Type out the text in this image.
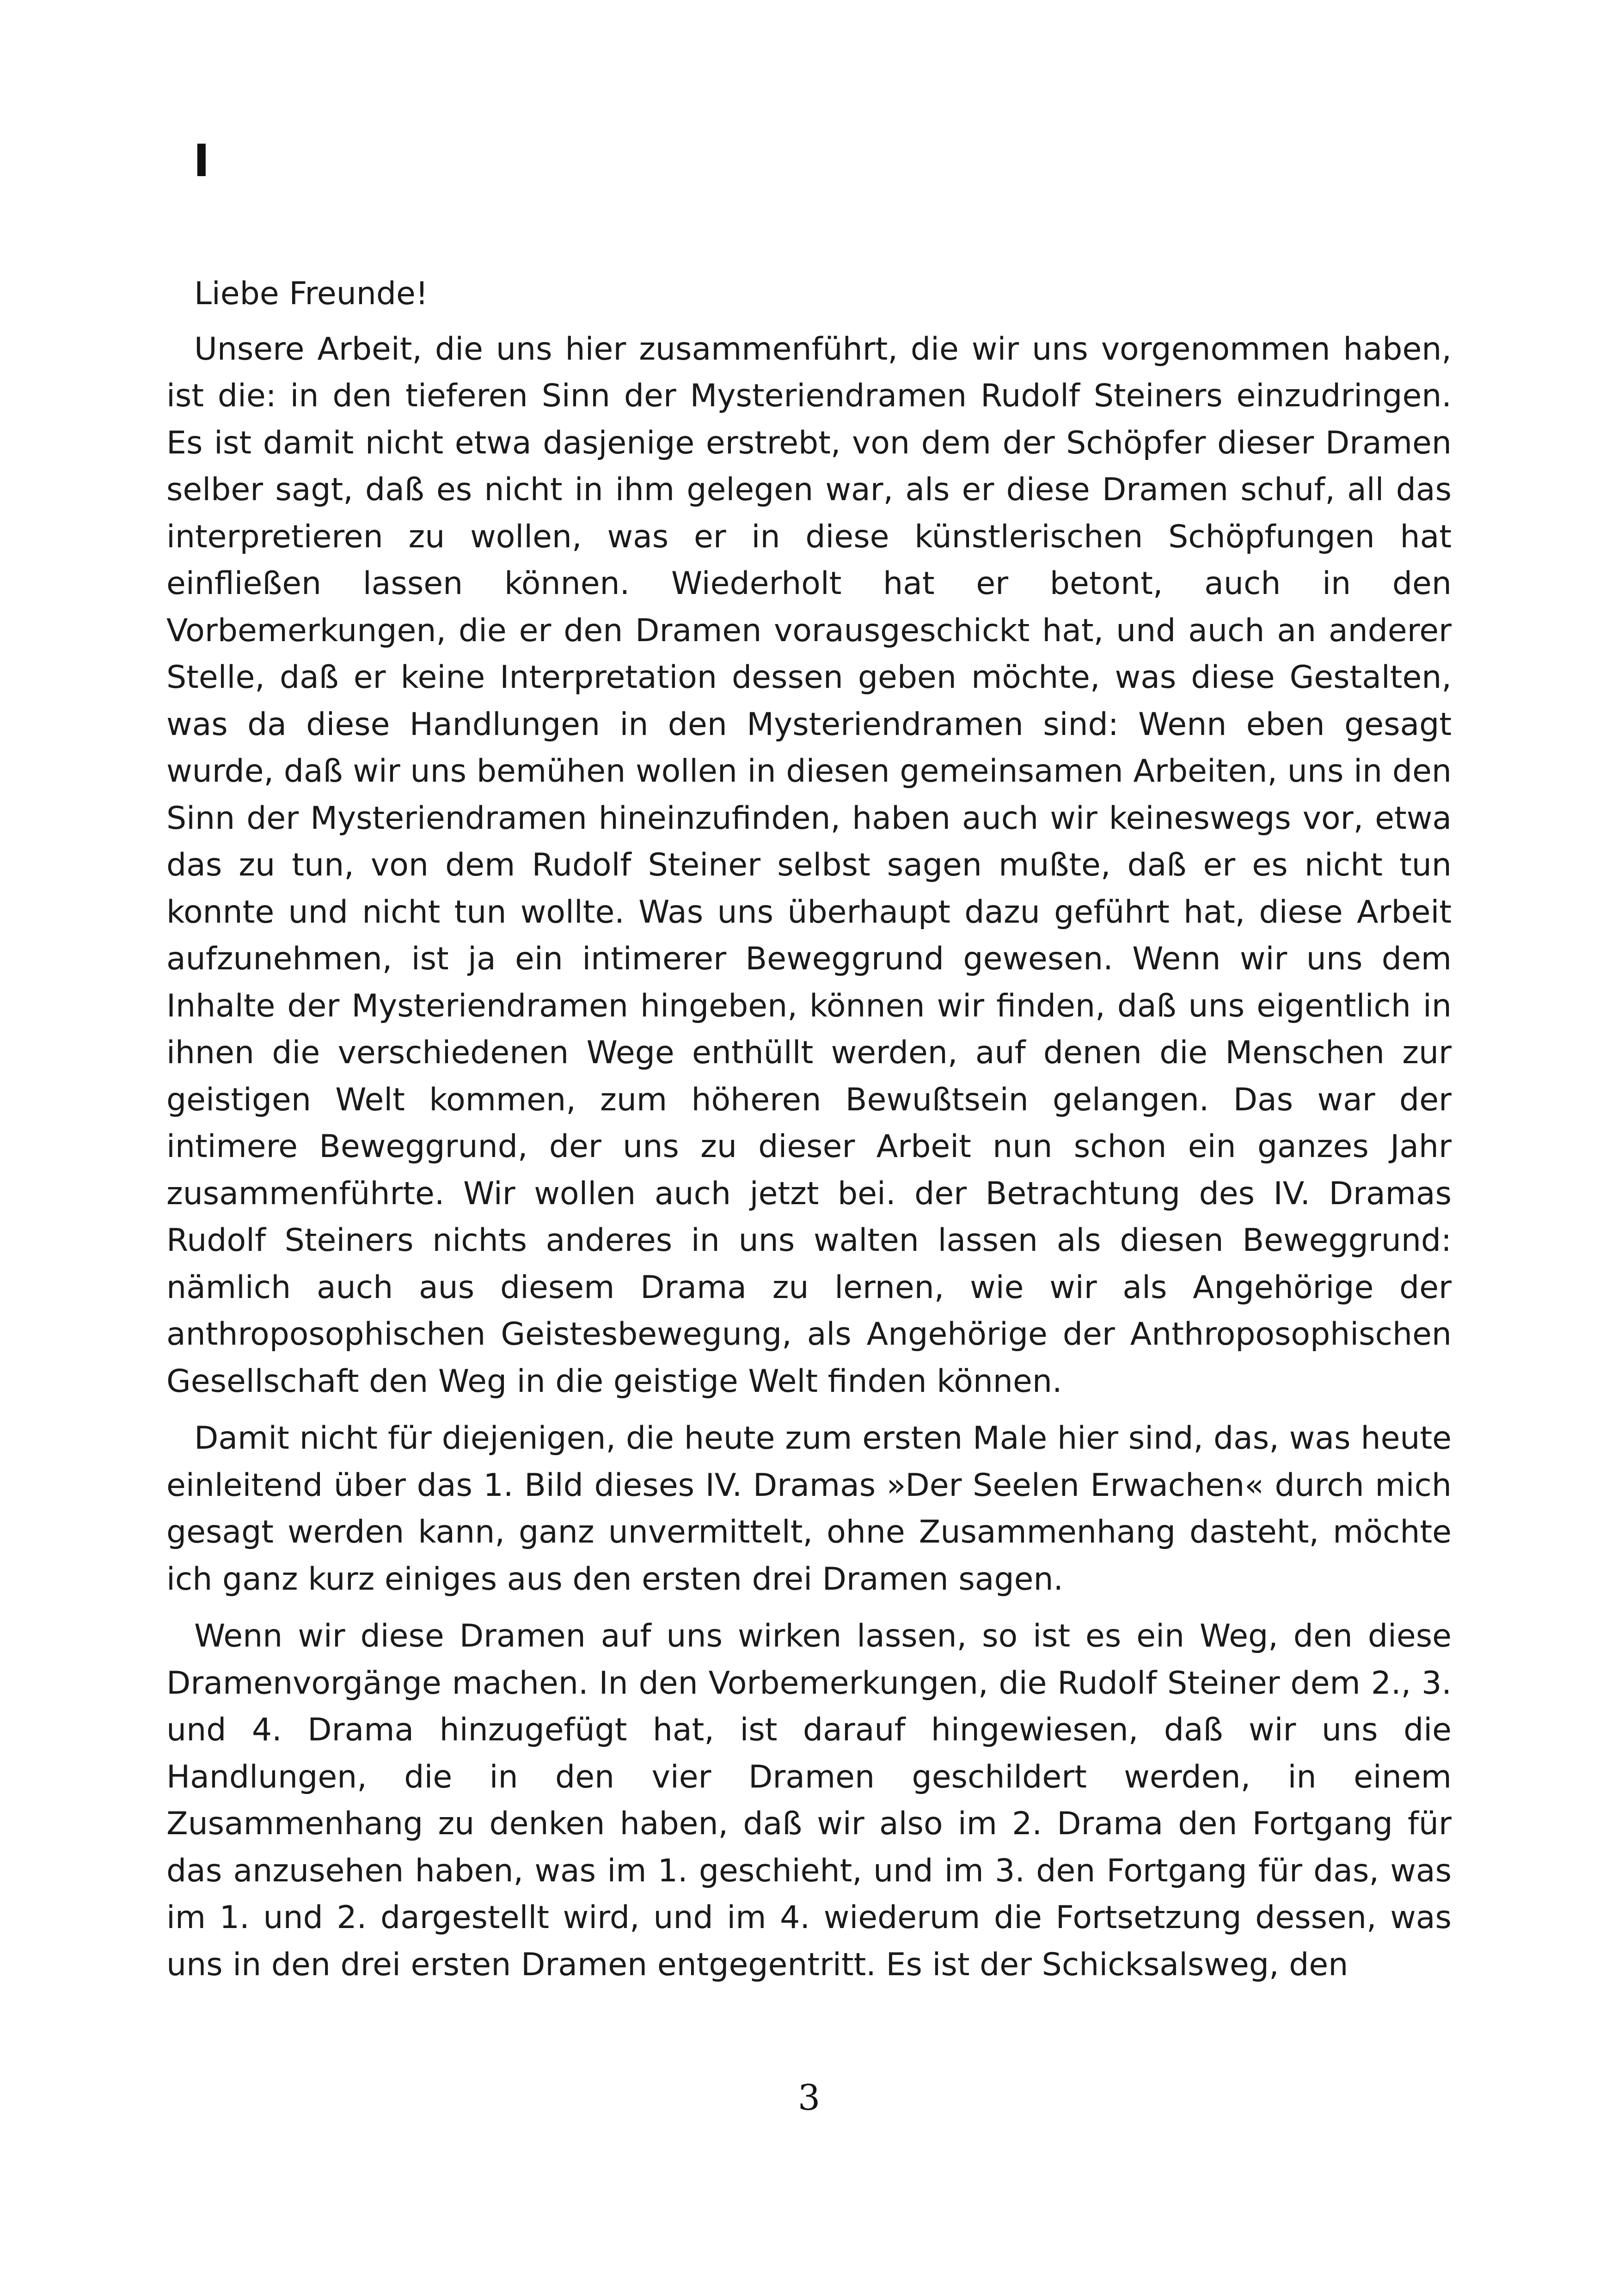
I

Liebe Freunde!

Unsere Arbeit, die uns hier zusammenführt, die wir uns vorgenommen haben, ist die: in den tieferen Sinn der Mysteriendramen Rudolf Steiners einzudringen. Es ist damit nicht etwa dasjenige erstrebt, von dem der Schöpfer dieser Dramen selber sagt, daß es nicht in ihm gelegen war, als er diese Dramen schuf, all das interpretieren zu wollen, was er in diese künstlerischen Schöpfungen hat einfließen lassen können. Wiederholt hat er betont, auch in den Vorbemerkungen, die er den Dramen vorausgeschickt hat, und auch an anderer Stelle, daß er keine Interpretation dessen geben möchte, was diese Gestalten, was da diese Handlungen in den Mysteriendramen sind: Wenn eben gesagt wurde, daß wir uns bemühen wollen in diesen gemeinsamen Arbeiten, uns in den Sinn der Mysteriendramen hineinzufinden, haben auch wir keineswegs vor, etwa das zu tun, von dem Rudolf Steiner selbst sagen mußte, daß er es nicht tun konnte und nicht tun wollte. Was uns überhaupt dazu geführt hat, diese Arbeit aufzunehmen, ist ja ein intimerer Beweggrund gewesen. Wenn wir uns dem Inhalte der Mysteriendramen hingeben, können wir finden, daß uns eigentlich in ihnen die verschiedenen Wege enthüllt werden, auf denen die Menschen zur geistigen Welt kommen, zum höheren Bewußtsein gelangen. Das war der intimere Beweggrund, der uns zu dieser Arbeit nun schon ein ganzes Jahr zusammenführte. Wir wollen auch jetzt bei. der Betrachtung des IV. Dramas Rudolf Steiners nichts anderes in uns walten lassen als diesen Beweggrund: nämlich auch aus diesem Drama zu lernen, wie wir als Angehörige der anthroposophischen Geistesbewegung, als Angehörige der Anthroposophischen Gesellschaft den Weg in die geistige Welt finden können.

Damit nicht für diejenigen, die heute zum ersten Male hier sind, das, was heute einleitend über das 1. Bild dieses IV. Dramas »Der Seelen Erwachen« durch mich gesagt werden kann, ganz unvermittelt, ohne Zusammenhang dasteht, möchte ich ganz kurz einiges aus den ersten drei Dramen sagen.

Wenn wir diese Dramen auf uns wirken lassen, so ist es ein Weg, den diese Dramenvorgänge machen. In den Vorbemerkungen, die Rudolf Steiner dem 2., 3. und 4. Drama hinzugefügt hat, ist darauf hingewiesen, daß wir uns die Handlungen, die in den vier Dramen geschildert werden, in einem Zusammenhang zu denken haben, daß wir also im 2. Drama den Fortgang für das anzusehen haben, was im 1. geschieht, und im 3. den Fortgang für das, was im 1. und 2. dargestellt wird, und im 4. wiederum die Fortsetzung dessen, was uns in den drei ersten Dramen entgegentritt. Es ist der Schicksalsweg, den

3
